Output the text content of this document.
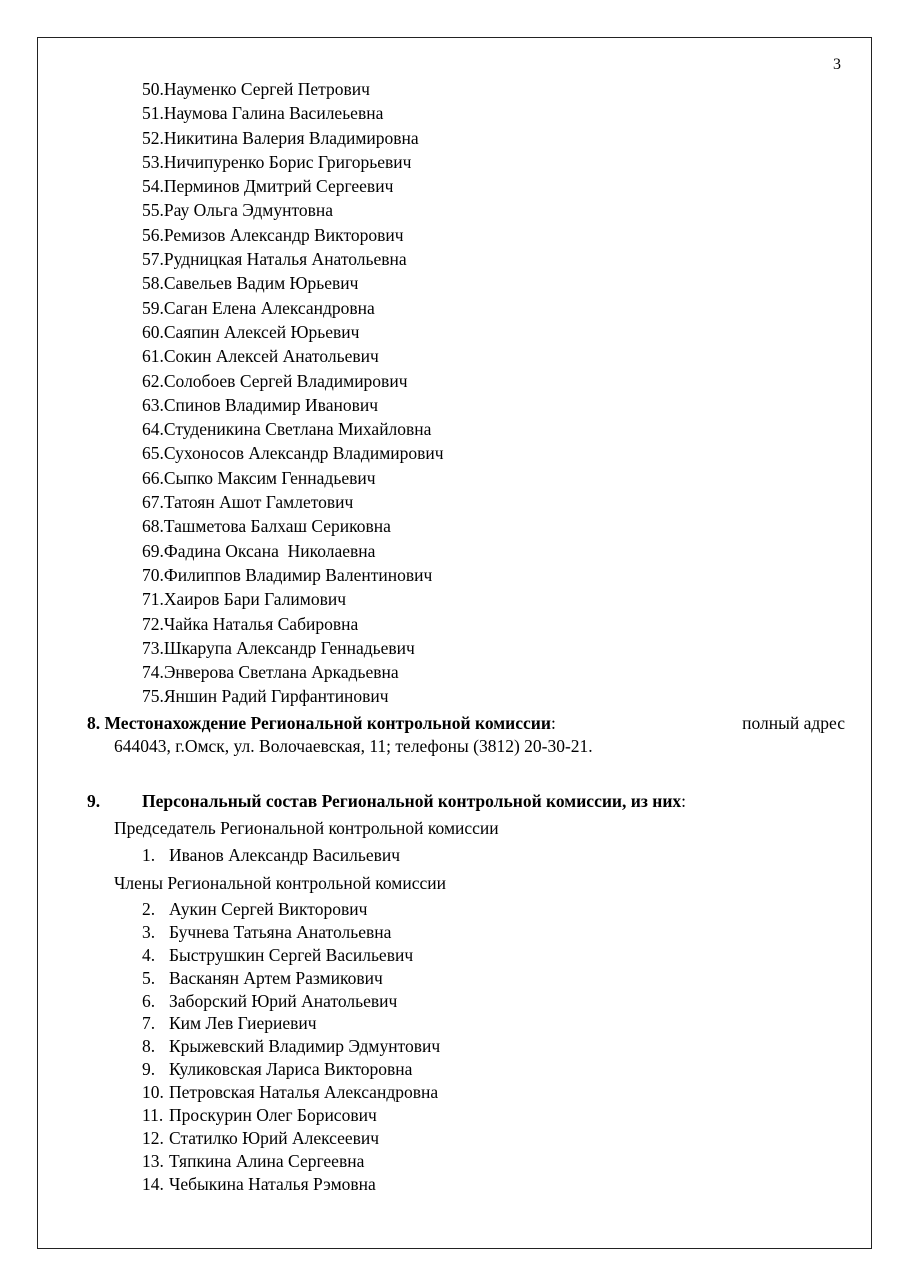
3
50.Науменко Сергей Петрович
51.Наумова Галина Василеьевна
52.Никитина Валерия Владимировна
53.Ничипуренко Борис Григорьевич
54.Перминов Дмитрий Сергеевич
55.Рау Ольга Эдмунтовна
56.Ремизов Александр Викторович
57.Рудницкая Наталья Анатольевна
58.Савельев Вадим Юрьевич
59.Саган Елена Александровна
60.Саяпин Алексей Юрьевич
61.Сокин Алексей Анатольевич
62.Солобоев Сергей Владимирович
63.Спинов Владимир Иванович
64.Студеникина Светлана Михайловна
65.Сухоносов Александр Владимирович
66.Сыпко Максим Геннадьевич
67.Татоян Ашот Гамлетович
68.Ташметова Балхаш Сериковна
69.Фадина Оксана  Николаевна
70.Филиппов Владимир Валентинович
71.Хаиров Бари Галимович
72.Чайка Наталья Сабировна
73.Шкарупа Александр Геннадьевич
74.Энверова Светлана Аркадьевна
75.Яншин Радий Гирфантинович
8. Местонахождение Региональной контрольной комиссии:	полный адрес
644043, г.Омск, ул. Волочаевская, 11; телефоны (3812) 20-30-21.
9. Персональный состав Региональной контрольной комиссии, из них:
Председатель Региональной контрольной комиссии
1. Иванов Александр Васильевич
Члены Региональной контрольной комиссии
2. Аукин Сергей Викторович
3. Бучнева Татьяна Анатольевна
4. Быструшкин Сергей Васильевич
5. Васканян Артем Размикович
6. Заборский Юрий Анатольевич
7. Ким Лев Гиериевич
8. Крыжевский Владимир Эдмунтович
9. Куликовская Лариса Викторовна
10. Петровская Наталья Александровна
11. Проскурин Олег Борисович
12. Статилко Юрий Алексеевич
13. Тяпкина Алина Сергеевна
14. Чебыкина Наталья Рэмовна
